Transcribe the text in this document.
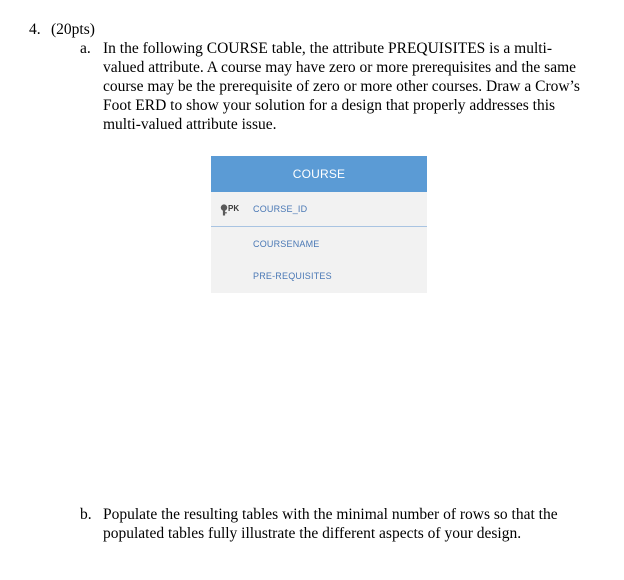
4. (20pts)
a. In the following COURSE table, the attribute PREQUISITES is a multi-valued attribute. A course may have zero or more prerequisites and the same course may be the prerequisite of zero or more other courses. Draw a Crow’s Foot ERD to show your solution for a design that properly addresses this multi-valued attribute issue.
COURSE
PK COURSE_ID
COURSENAME
PRE-REQUISITES
b. Populate the resulting tables with the minimal number of rows so that the populated tables fully illustrate the different aspects of your design.
